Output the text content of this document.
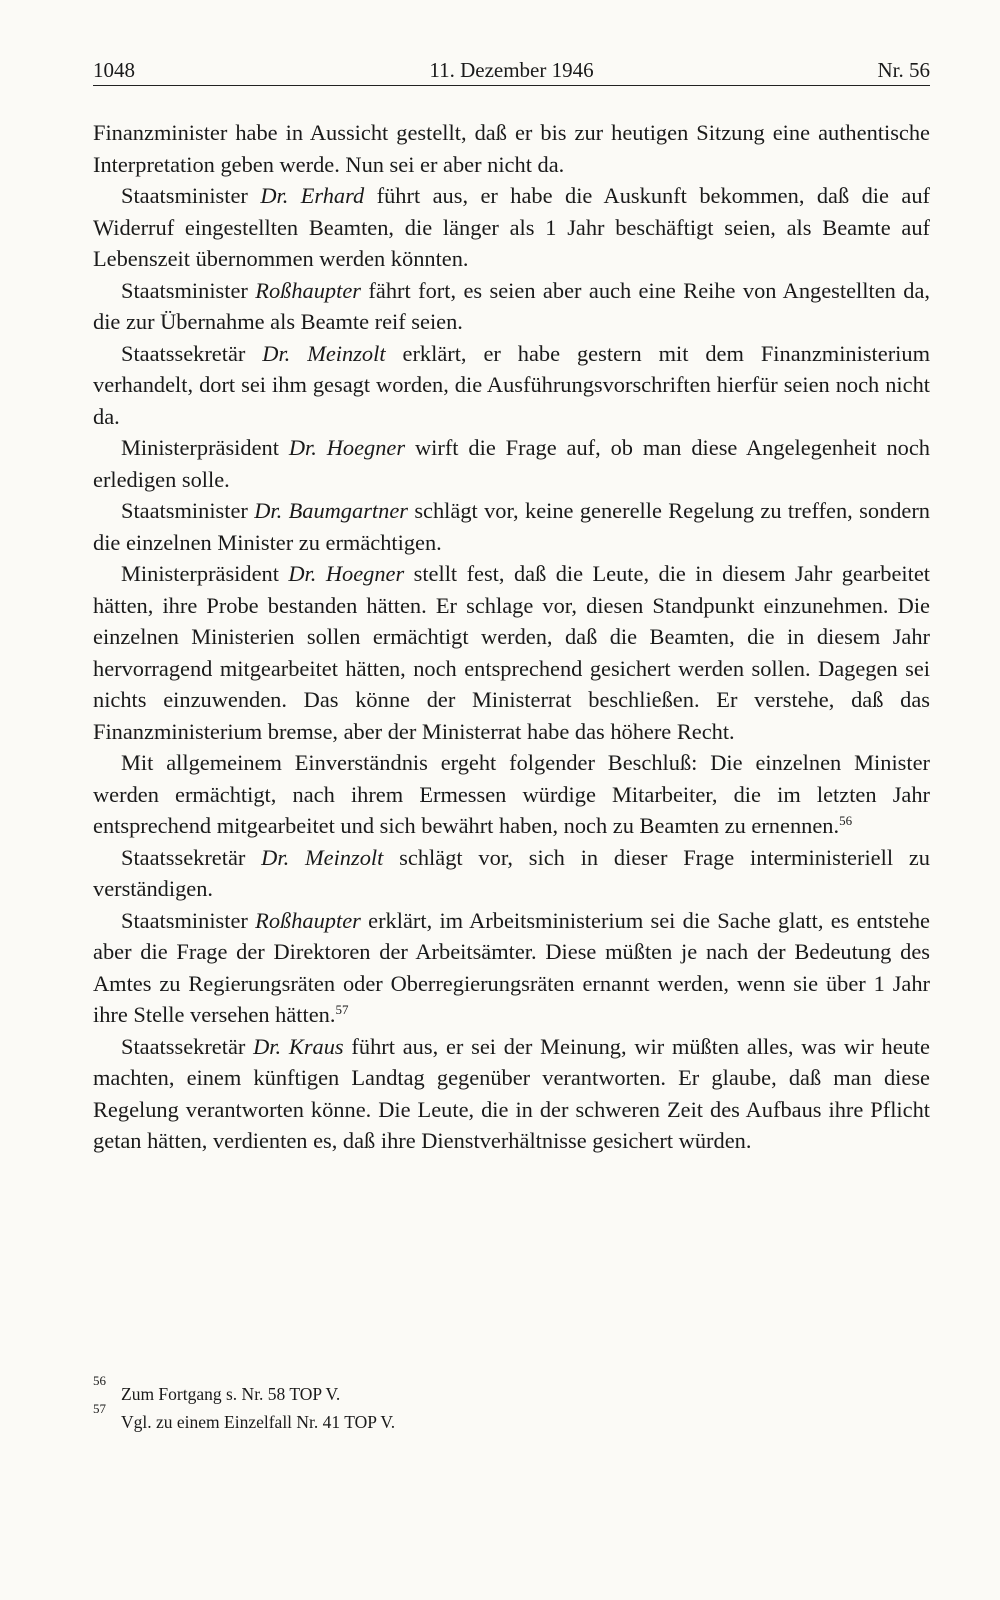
1048	11. Dezember 1946	Nr. 56

Finanzminister habe in Aussicht gestellt, daß er bis zur heutigen Sitzung eine authentische Interpretation geben werde. Nun sei er aber nicht da.

Staatsminister Dr. Erhard führt aus, er habe die Auskunft bekommen, daß die auf Widerruf eingestellten Beamten, die länger als 1 Jahr beschäftigt seien, als Beamte auf Lebenszeit übernommen werden könnten.

Staatsminister Roßhaupter fährt fort, es seien aber auch eine Reihe von Angestellten da, die zur Übernahme als Beamte reif seien.

Staatssekretär Dr. Meinzolt erklärt, er habe gestern mit dem Finanzministerium verhandelt, dort sei ihm gesagt worden, die Ausführungsvorschriften hierfür seien noch nicht da.

Ministerpräsident Dr. Hoegner wirft die Frage auf, ob man diese Angelegenheit noch erledigen solle.

Staatsminister Dr. Baumgartner schlägt vor, keine generelle Regelung zu treffen, sondern die einzelnen Minister zu ermächtigen.

Ministerpräsident Dr. Hoegner stellt fest, daß die Leute, die in diesem Jahr gearbeitet hätten, ihre Probe bestanden hätten. Er schlage vor, diesen Standpunkt einzunehmen. Die einzelnen Ministerien sollen ermächtigt werden, daß die Beamten, die in diesem Jahr hervorragend mitgearbeitet hätten, noch entsprechend gesichert werden sollen. Dagegen sei nichts einzuwenden. Das könne der Ministerrat beschließen. Er verstehe, daß das Finanzministerium bremse, aber der Ministerrat habe das höhere Recht.

Mit allgemeinem Einverständnis ergeht folgender Beschluß: Die einzelnen Minister werden ermächtigt, nach ihrem Ermessen würdige Mitarbeiter, die im letzten Jahr entsprechend mitgearbeitet und sich bewährt haben, noch zu Beamten zu ernennen.$^{56}$

Staatssekretär Dr. Meinzolt schlägt vor, sich in dieser Frage interministeriell zu verständigen.

Staatsminister Roßhaupter erklärt, im Arbeitsministerium sei die Sache glatt, es entstehe aber die Frage der Direktoren der Arbeitsämter. Diese müßten je nach der Bedeutung des Amtes zu Regierungsräten oder Oberregierungsräten ernannt werden, wenn sie über 1 Jahr ihre Stelle versehen hätten.$^{57}$

Staatssekretär Dr. Kraus führt aus, er sei der Meinung, wir müßten alles, was wir heute machten, einem künftigen Landtag gegenüber verantworten. Er glaube, daß man diese Regelung verantworten könne. Die Leute, die in der schweren Zeit des Aufbaus ihre Pflicht getan hätten, verdienten es, daß ihre Dienstverhältnisse gesichert würden.

56
Zum Fortgang s. Nr. 58 TOP V.
57
Vgl. zu einem Einzelfall Nr. 41 TOP V.
